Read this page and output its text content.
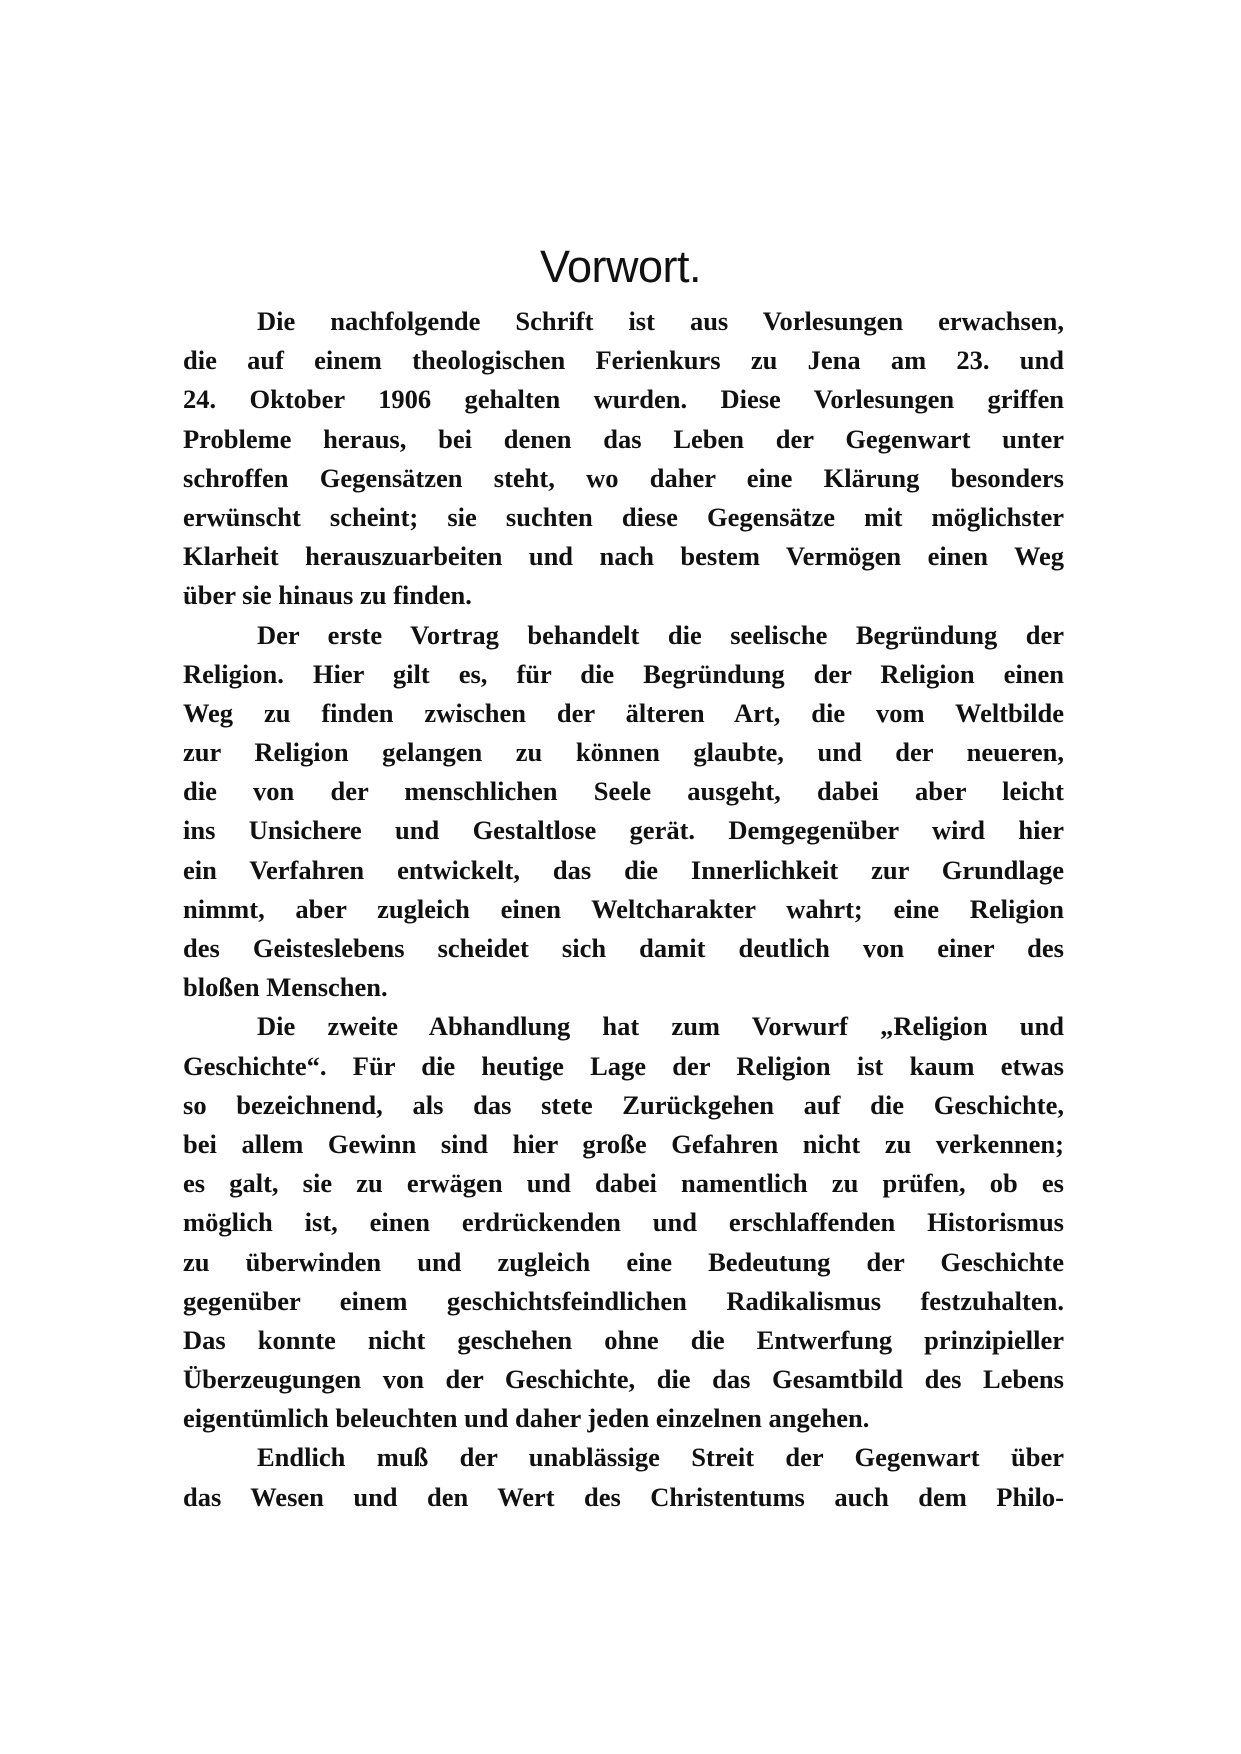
Vorwort.

Die nachfolgende Schrift ist aus Vorlesungen erwachsen,
die auf einem theologischen Ferienkurs zu Jena am 23. und
24. Oktober 1906 gehalten wurden. Diese Vorlesungen griffen
Probleme heraus, bei denen das Leben der Gegenwart unter
schroffen Gegensätzen steht, wo daher eine Klärung besonders
erwünscht scheint; sie suchten diese Gegensätze mit möglichster
Klarheit herauszuarbeiten und nach bestem Vermögen einen Weg
über sie hinaus zu finden.

Der erste Vortrag behandelt die seelische Begründung der
Religion. Hier gilt es, für die Begründung der Religion einen
Weg zu finden zwischen der älteren Art, die vom Weltbilde
zur Religion gelangen zu können glaubte, und der neueren,
die von der menschlichen Seele ausgeht, dabei aber leicht
ins Unsichere und Gestaltlose gerät. Demgegenüber wird hier
ein Verfahren entwickelt, das die Innerlichkeit zur Grundlage
nimmt, aber zugleich einen Weltcharakter wahrt; eine Religion
des Geisteslebens scheidet sich damit deutlich von einer des
bloßen Menschen.

Die zweite Abhandlung hat zum Vorwurf „Religion und
Geschichte“. Für die heutige Lage der Religion ist kaum etwas
so bezeichnend, als das stete Zurückgehen auf die Geschichte,
bei allem Gewinn sind hier große Gefahren nicht zu verkennen;
es galt, sie zu erwägen und dabei namentlich zu prüfen, ob es
möglich ist, einen erdrückenden und erschlaffenden Historismus
zu überwinden und zugleich eine Bedeutung der Geschichte
gegenüber einem geschichtsfeindlichen Radikalismus festzuhalten.
Das konnte nicht geschehen ohne die Entwerfung prinzipieller
Überzeugungen von der Geschichte, die das Gesamtbild des Lebens
eigentümlich beleuchten und daher jeden einzelnen angehen.

Endlich muß der unablässige Streit der Gegenwart über
das Wesen und den Wert des Christentums auch dem Philo-
